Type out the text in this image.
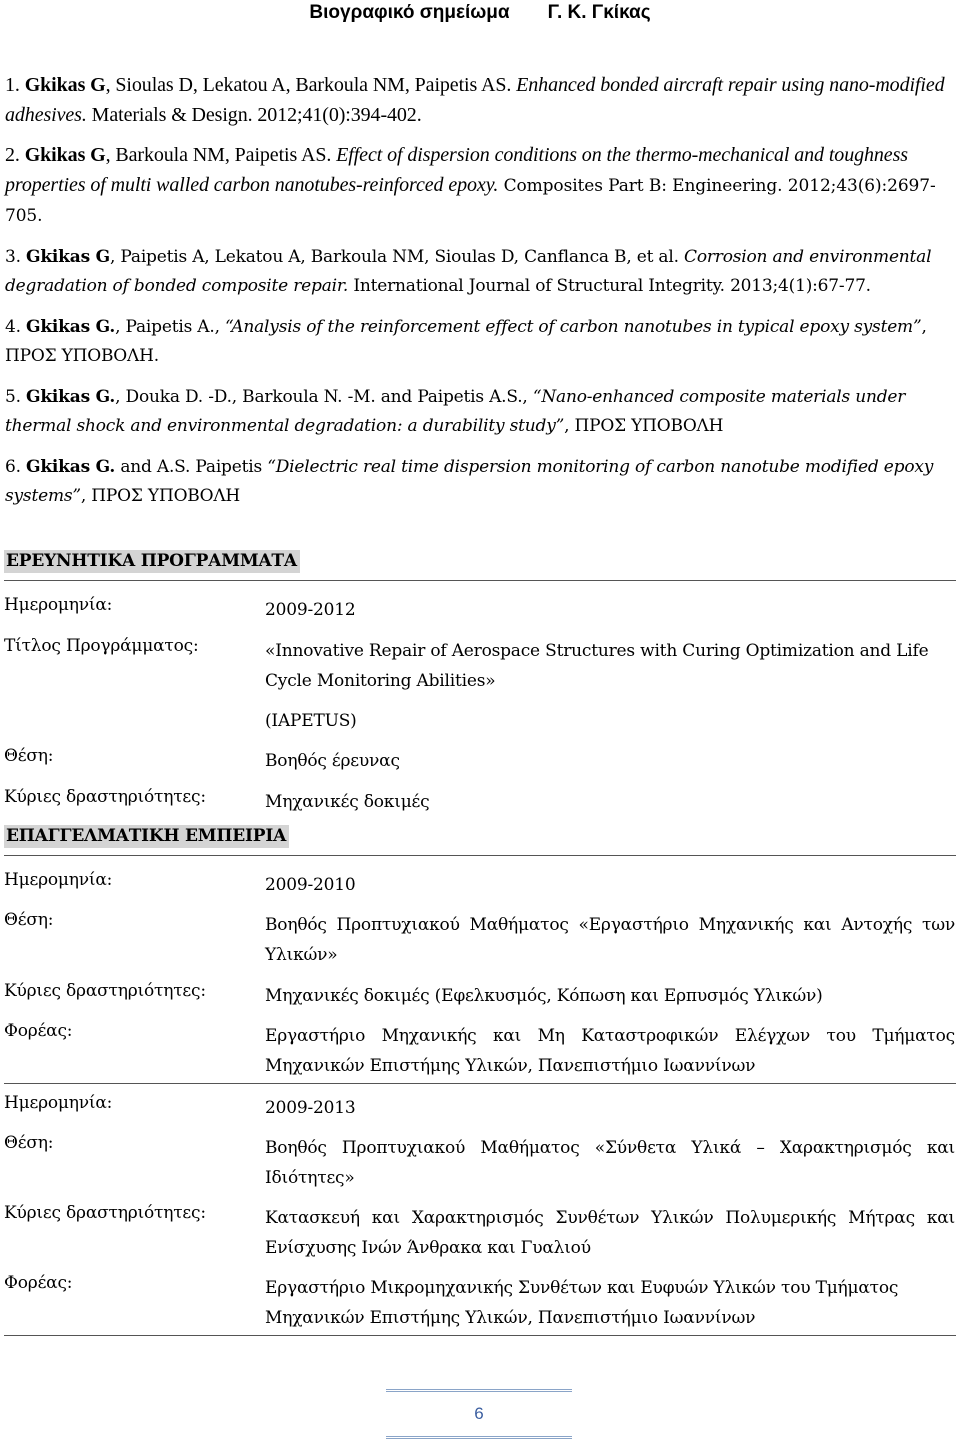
Βιογραφικό σημείωμα Γ. Κ. Γκίκας
1. Gkikas G, Sioulas D, Lekatou A, Barkoula NM, Paipetis AS. Enhanced bonded aircraft repair using nano-modified adhesives. Materials & Design. 2012;41(0):394-402.
2. Gkikas G, Barkoula NM, Paipetis AS. Effect of dispersion conditions on the thermo-mechanical and toughness properties of multi walled carbon nanotubes-reinforced epoxy. Composites Part B: Engineering. 2012;43(6):2697-705.
3. Gkikas G, Paipetis A, Lekatou A, Barkoula NM, Sioulas D, Canflanca B, et al. Corrosion and environmental degradation of bonded composite repair. International Journal of Structural Integrity. 2013;4(1):67-77.
4. Gkikas G., Paipetis A., “Analysis of the reinforcement effect of carbon nanotubes in typical epoxy system”, ΠΡΟΣ ΥΠΟΒΟΛΗ.
5. Gkikas G., Douka D. -D., Barkoula N. -M. and Paipetis A.S., “Nano-enhanced composite materials under thermal shock and environmental degradation: a durability study”, ΠΡΟΣ ΥΠΟΒΟΛΗ
6. Gkikas G. and A.S. Paipetis “Dielectric real time dispersion monitoring of carbon nanotube modified epoxy systems”, ΠΡΟΣ ΥΠΟΒΟΛΗ
ΕΡΕΥΝΗΤΙΚΑ ΠΡΟΓΡΑΜΜΑΤΑ
Ημερομηνία:	2009-2012
Τίτλος Προγράμματος:	«Innovative Repair of Aerospace Structures with Curing Optimization and Life Cycle Monitoring Abilities»
(IAPETUS)
Θέση:	Βοηθός έρευνας
Κύριες δραστηριότητες:	Μηχανικές δοκιμές
ΕΠΑΓΓΕΛΜΑΤΙΚΗ ΕΜΠΕΙΡΙΑ
Ημερομηνία:	2009-2010
Θέση:	Βοηθός Προπτυχιακού Μαθήματος «Εργαστήριο Μηχανικής και Αντοχής των Υλικών»
Κύριες δραστηριότητες:	Μηχανικές δοκιμές (Εφελκυσμός, Κόπωση και Ερπυσμός Υλικών)
Φορέας:	Εργαστήριο Μηχανικής και Μη Καταστροφικών Ελέγχων του Τμήματος Μηχανικών Επιστήμης Υλικών, Πανεπιστήμιο Ιωαννίνων
Ημερομηνία:	2009-2013
Θέση:	Βοηθός Προπτυχιακού Μαθήματος «Σύνθετα Υλικά – Χαρακτηρισμός και Ιδιότητες»
Κύριες δραστηριότητες:	Κατασκευή και Χαρακτηρισμός Συνθέτων Υλικών Πολυμερικής Μήτρας και Ενίσχυσης Ινών Άνθρακα και Γυαλιού
Φορέας:	Εργαστήριο Μικρομηχανικής Συνθέτων και Ευφυών Υλικών του Τμήματος Μηχανικών Επιστήμης Υλικών, Πανεπιστήμιο Ιωαννίνων
6
